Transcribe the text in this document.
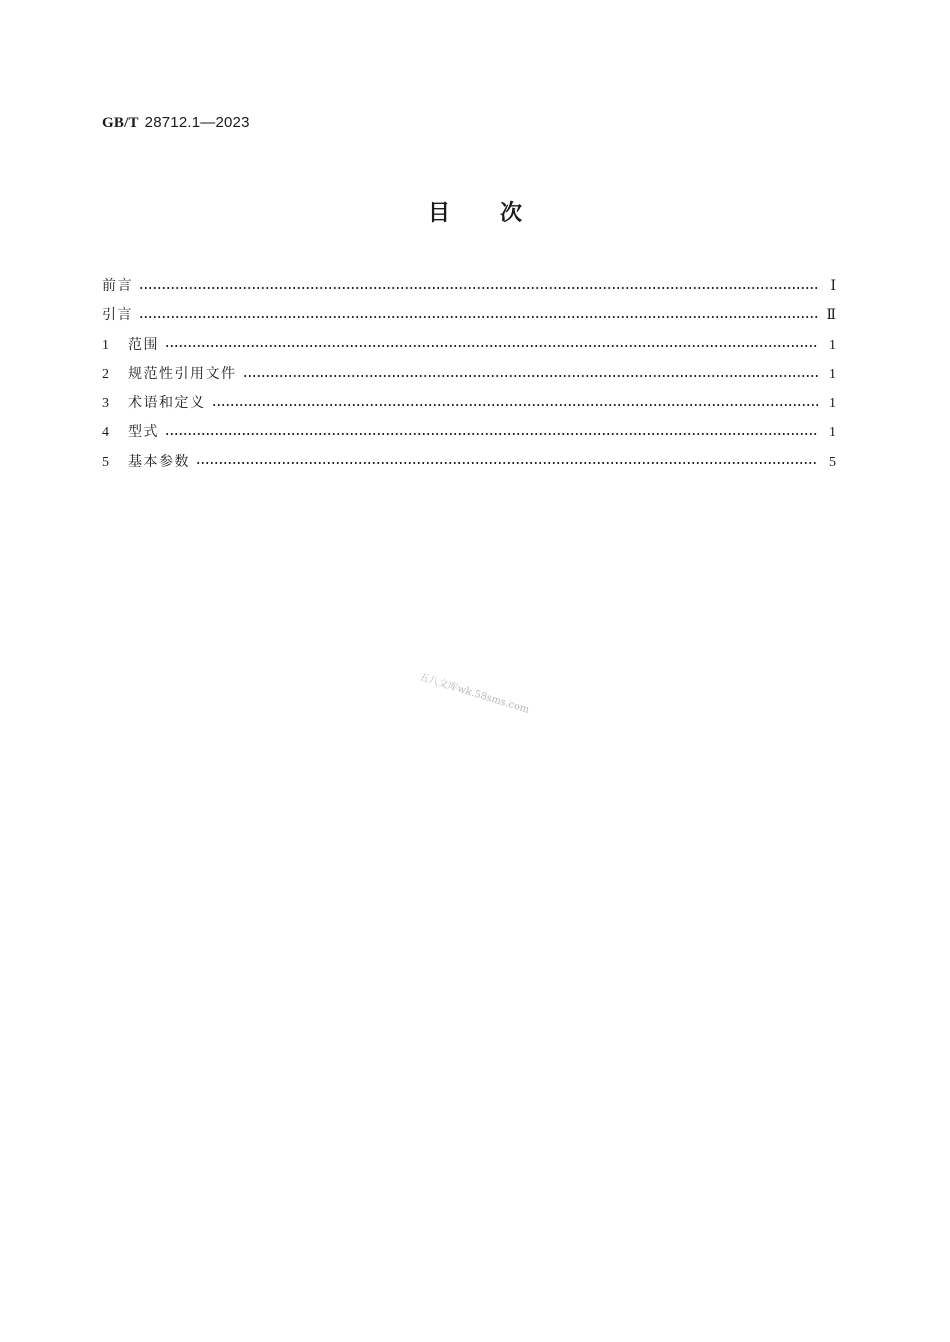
GB/T 28712.1—2023
目次
前言	Ⅰ
引言	Ⅱ
1	范围	1
2	规范性引用文件	1
3	术语和定义	1
4	型式	1
5	基本参数	5
五八文库wk.58sms.com
